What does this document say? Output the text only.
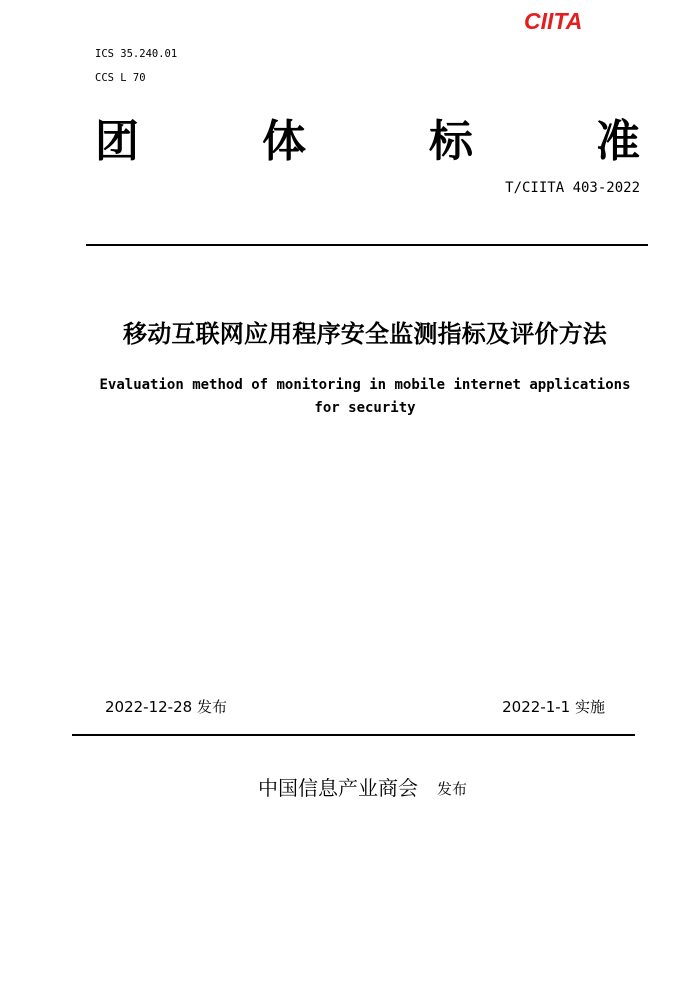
CIITA
ICS 35.240.01
CCS L 70
团	体	标	准
T/CIITA 403-2022
移动互联网应用程序安全监测指标及评价方法
Evaluation method of monitoring in mobile internet applications
for security
2022-12-28 发布	2022-1-1 实施
中国信息产业商会 发布
